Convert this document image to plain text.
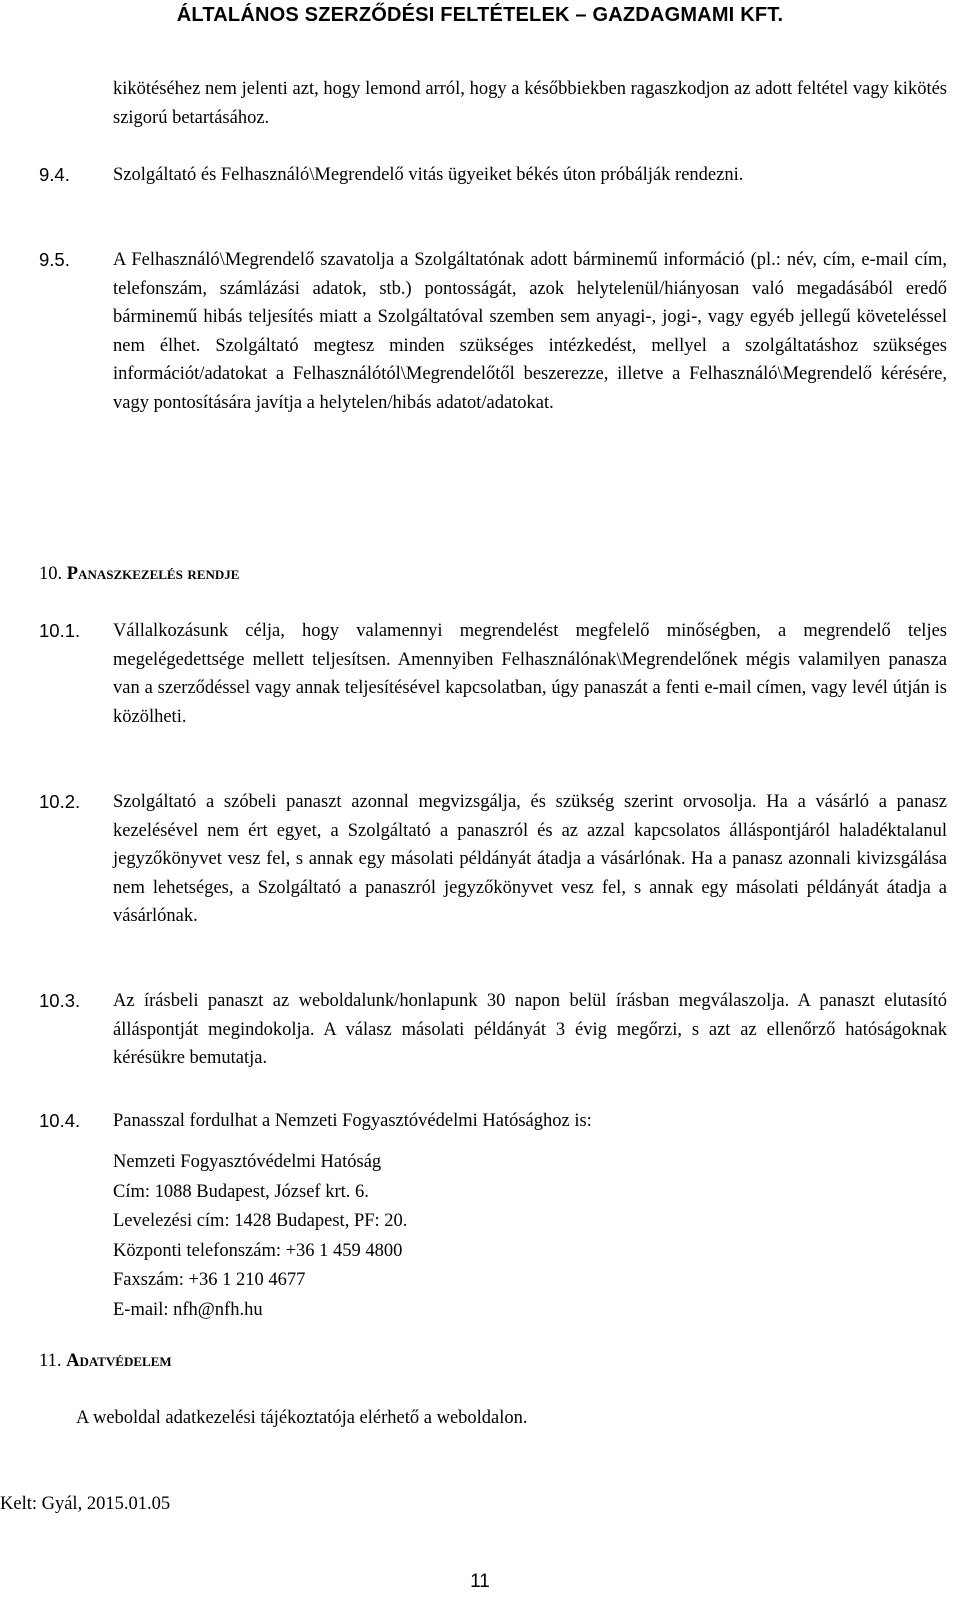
ÁLTALÁNOS SZERZŐDÉSI FELTÉTELEK – GAZDAGMAMI KFT.
kikötéséhez nem jelenti azt, hogy lemond arról, hogy a későbbiekben ragaszkodjon az adott feltétel vagy kikötés szigorú betartásához.
9.4. Szolgáltató és Felhasználó\Megrendelő vitás ügyeiket békés úton próbálják rendezni.
9.5. A Felhasználó\Megrendelő szavatolja a Szolgáltatónak adott bárminemű információ (pl.: név, cím, e-mail cím, telefonszám, számlázási adatok, stb.) pontosságát, azok helytelenül/hiányosan való megadásából eredő bárminemű hibás teljesítés miatt a Szolgáltatóval szemben sem anyagi-, jogi-, vagy egyéb jellegű követeléssel nem élhet. Szolgáltató megtesz minden szükséges intézkedést, mellyel a szolgáltatáshoz szükséges információt/adatokat a Felhasználótól\Megrendelőtől beszerezze, illetve a Felhasználó\Megrendelő kérésére, vagy pontosítására javítja a helytelen/hibás adatot/adatokat.
10. Panaszkezelés rendje
10.1. Vállalkozásunk célja, hogy valamennyi megrendelést megfelelő minőségben, a megrendelő teljes megelégedettsége mellett teljesítsen. Amennyiben Felhasználónak\Megrendelőnek mégis valamilyen panasza van a szerződéssel vagy annak teljesítésével kapcsolatban, úgy panaszát a fenti e-mail címen, vagy levél útján is közölheti.
10.2. Szolgáltató a szóbeli panaszt azonnal megvizsgálja, és szükség szerint orvosolja. Ha a vásárló a panasz kezelésével nem ért egyet, a Szolgáltató a panaszról és az azzal kapcsolatos álláspontjáról haladéktalanul jegyzőkönyvet vesz fel, s annak egy másolati példányát átadja a vásárlónak. Ha a panasz azonnali kivizsgálása nem lehetséges, a Szolgáltató a panaszról jegyzőkönyvet vesz fel, s annak egy másolati példányát átadja a vásárlónak.
10.3. Az írásbeli panaszt az weboldalunk/honlapunk 30 napon belül írásban megválaszolja. A panaszt elutasító álláspontját megindokolja. A válasz másolati példányát 3 évig megőrzi, s azt az ellenőrző hatóságoknak kérésükre bemutatja.
10.4. Panasszal fordulhat a Nemzeti Fogyasztóvédelmi Hatósághoz is:
Nemzeti Fogyasztóvédelmi Hatóság
Cím: 1088 Budapest, József krt. 6.
Levelezési cím: 1428 Budapest, PF: 20.
Központi telefonszám: +36 1 459 4800
Faxszám: +36 1 210 4677
E-mail: nfh@nfh.hu
11. Adatvédelem
A weboldal adatkezelési tájékoztatója elérhető a weboldalon.
Kelt: Gyál, 2015.01.05
11
